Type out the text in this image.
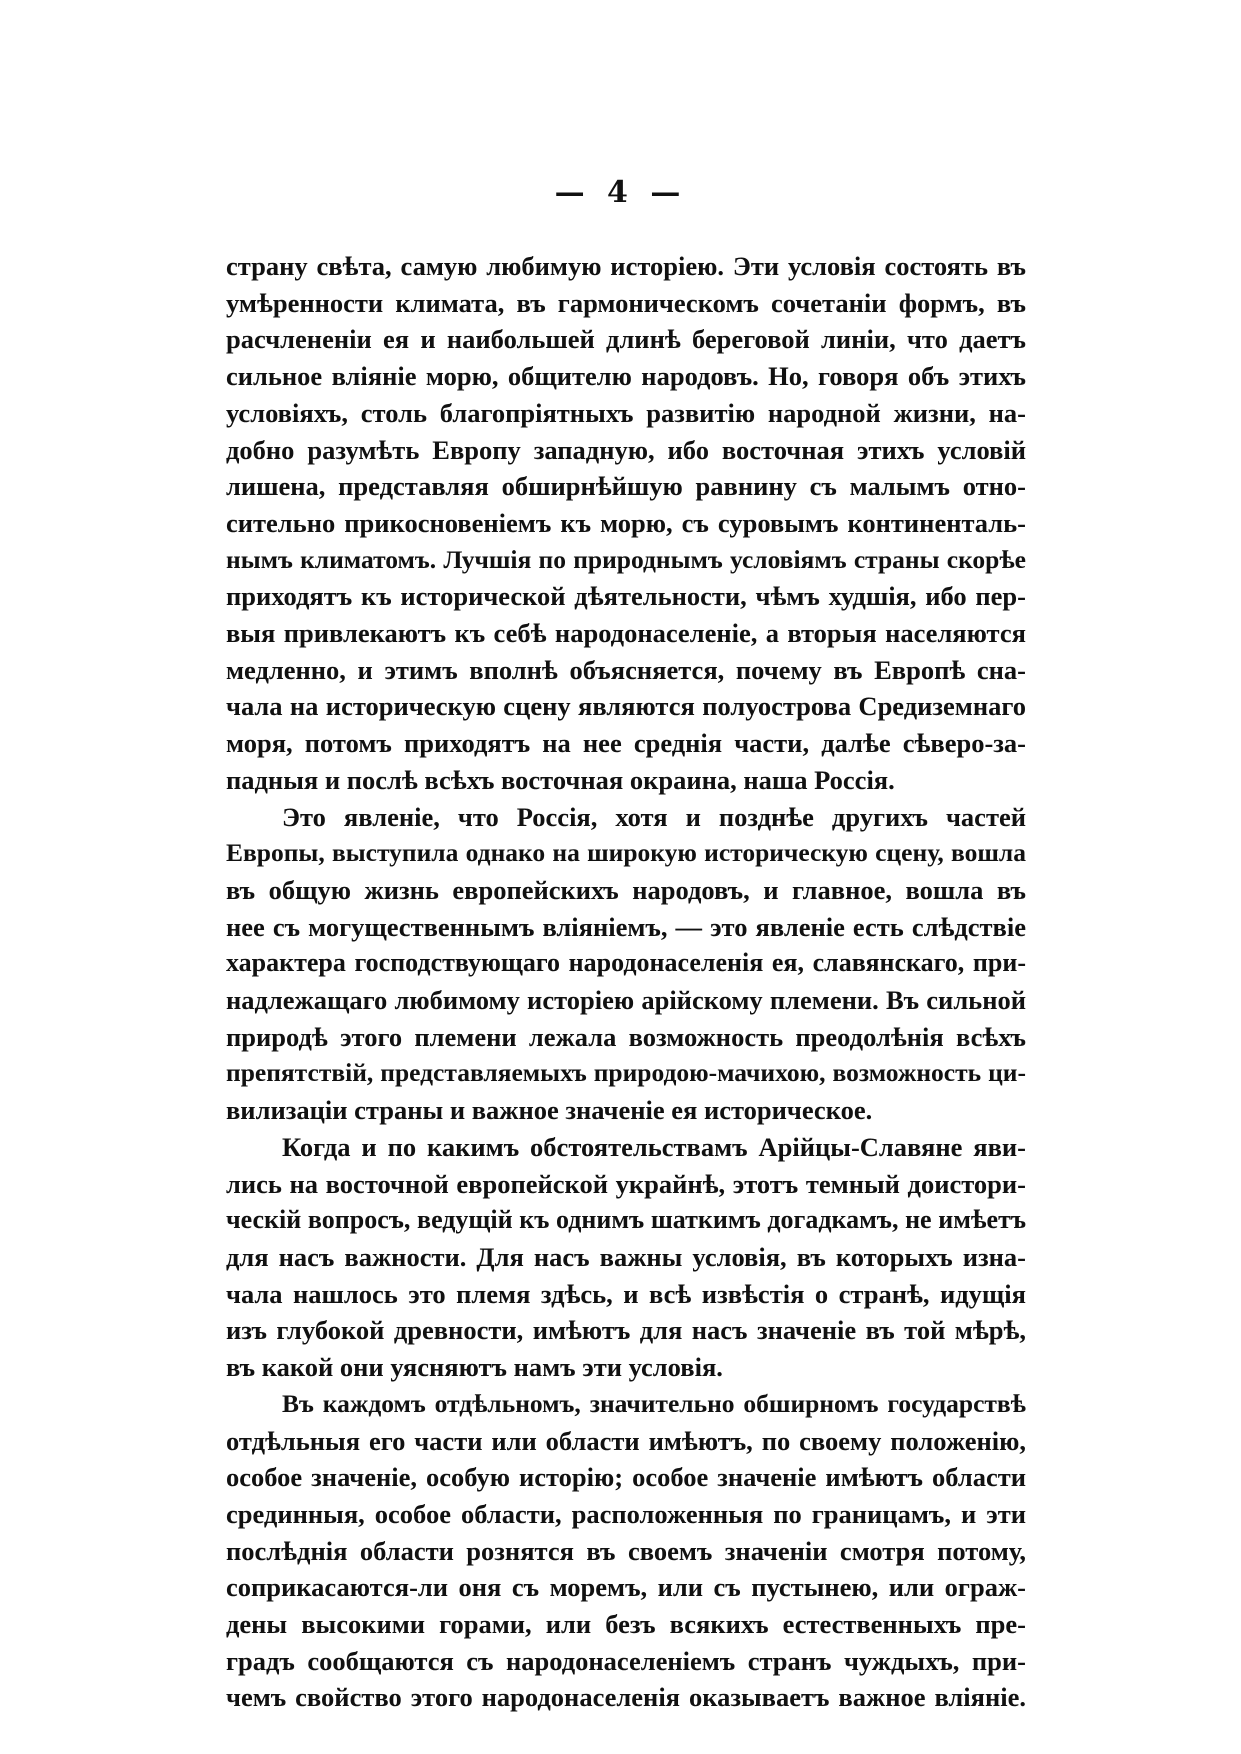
— 4 —
страну свѣта, самую любимую исторіею. Эти условія состоять въ
умѣренности климата, въ гармоническомъ сочетаніи формъ, въ
расчлененіи ея и наибольшей длинѣ береговой линіи, что даетъ
сильное вліяніе морю, общителю народовъ. Но, говоря объ этихъ
условіяхъ, столь благопріятныхъ развитію народной жизни, на-
добно разумѣть Европу западную, ибо восточная этихъ условій
лишена, представляя обширнѣйшую равнину съ малымъ отно-
сительно прикосновеніемъ къ морю, съ суровымъ континенталь-
нымъ климатомъ. Лучшія по природнымъ условіямъ страны скорѣе
приходятъ къ исторической дѣятельности, чѣмъ худшія, ибо пер-
выя привлекаютъ къ себѣ народонаселеніе, а вторыя населяются
медленно, и этимъ вполнѣ объясняется, почему въ Европѣ сна-
чала на историческую сцену являются полуострова Средиземнаго
моря, потомъ приходятъ на нее среднія части, далѣе сѣверо-за-
падныя и послѣ всѣхъ восточная окраина, наша Россія.
Это явленіе, что Россія, хотя и позднѣе другихъ частей
Европы, выступила однако на широкую историческую сцену, вошла
въ общую жизнь европейскихъ народовъ, и главное, вошла въ
нее съ могущественнымъ вліяніемъ, — это явленіе есть слѣдствіе
характера господствующаго народонаселенія ея, славянскаго, при-
надлежащаго любимому исторіею арійскому племени. Въ сильной
природѣ этого племени лежала возможность преодолѣнія всѣхъ
препятствій, представляемыхъ природою-мачихою, возможность ци-
вилизаціи страны и важное значеніе ея историческое.
Когда и по какимъ обстоятельствамъ Арійцы-Славяне яви-
лись на восточной европейской украйнѣ, этотъ темный доистори-
ческій вопросъ, ведущій къ однимъ шаткимъ догадкамъ, не имѣетъ
для насъ важности. Для насъ важны условія, въ которыхъ изна-
чала нашлось это племя здѣсь, и всѣ извѣстія о странѣ, идущія
изъ глубокой древности, имѣютъ для насъ значеніе въ той мѣрѣ,
въ какой они уясняютъ намъ эти условія.
Въ каждомъ отдѣльномъ, значительно обширномъ государствѣ
отдѣльныя его части или области имѣютъ, по своему положенію,
особое значеніе, особую исторію; особое значеніе имѣютъ области
срединныя, особое области, расположенныя по границамъ, и эти
послѣднія области рознятся въ своемъ значеніи смотря потому,
соприкасаются-ли оня съ моремъ, или съ пустынею, или ограж-
дены высокими горами, или безъ всякихъ естественныхъ пре-
градъ сообщаются съ народонаселеніемъ странъ чуждыхъ, при-
чемъ свойство этого народонаселенія оказываетъ важное вліяніе.
